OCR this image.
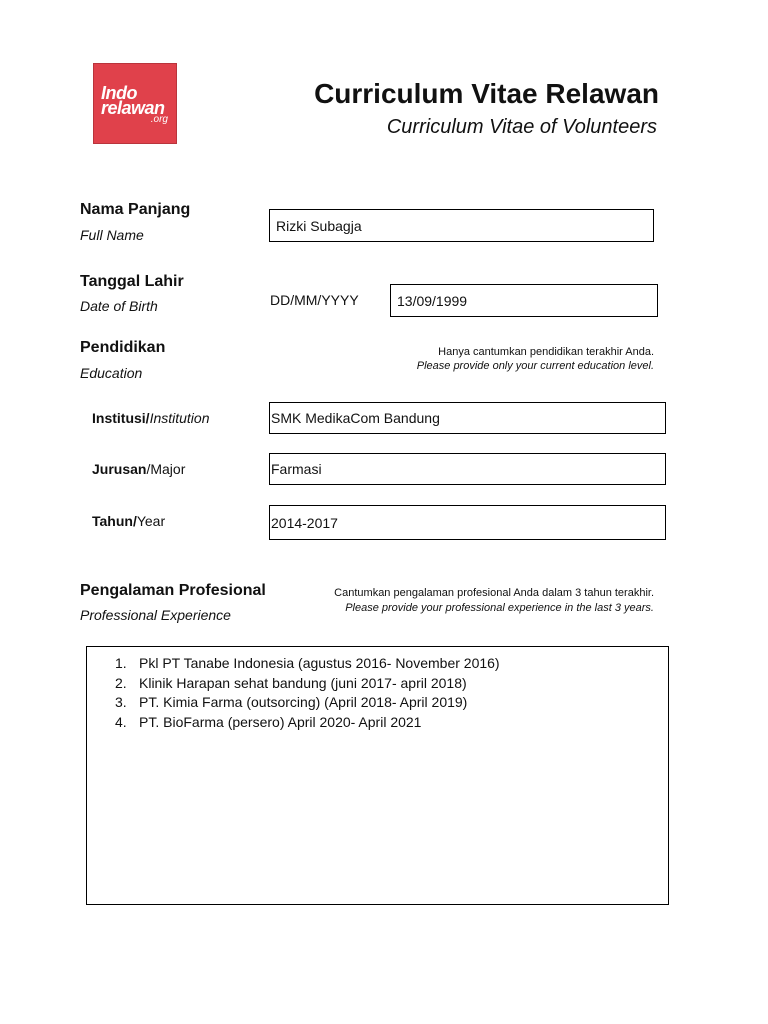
Indo
relawan
.org
Curriculum Vitae Relawan
Curriculum Vitae of Volunteers
Nama Panjang
Full Name
Rizki Subagja
Tanggal Lahir
Date of Birth	DD/MM/YYYY	13/09/1999
Pendidikan
Education
Hanya cantumkan pendidikan terakhir Anda.
Please provide only your current education level.
Institusi/Institution	SMK MedikaCom Bandung
Jurusan/Major	Farmasi
Tahun/Year	2014-2017
Pengalaman Profesional
Professional Experience
Cantumkan pengalaman profesional Anda dalam 3 tahun terakhir.
Please provide your professional experience in the last 3 years.
1. Pkl PT Tanabe Indonesia (agustus 2016- November 2016)
2. Klinik Harapan sehat bandung (juni 2017- april 2018)
3. PT. Kimia Farma (outsorcing) (April 2018- April 2019)
4. PT. BioFarma (persero) April 2020- April 2021
